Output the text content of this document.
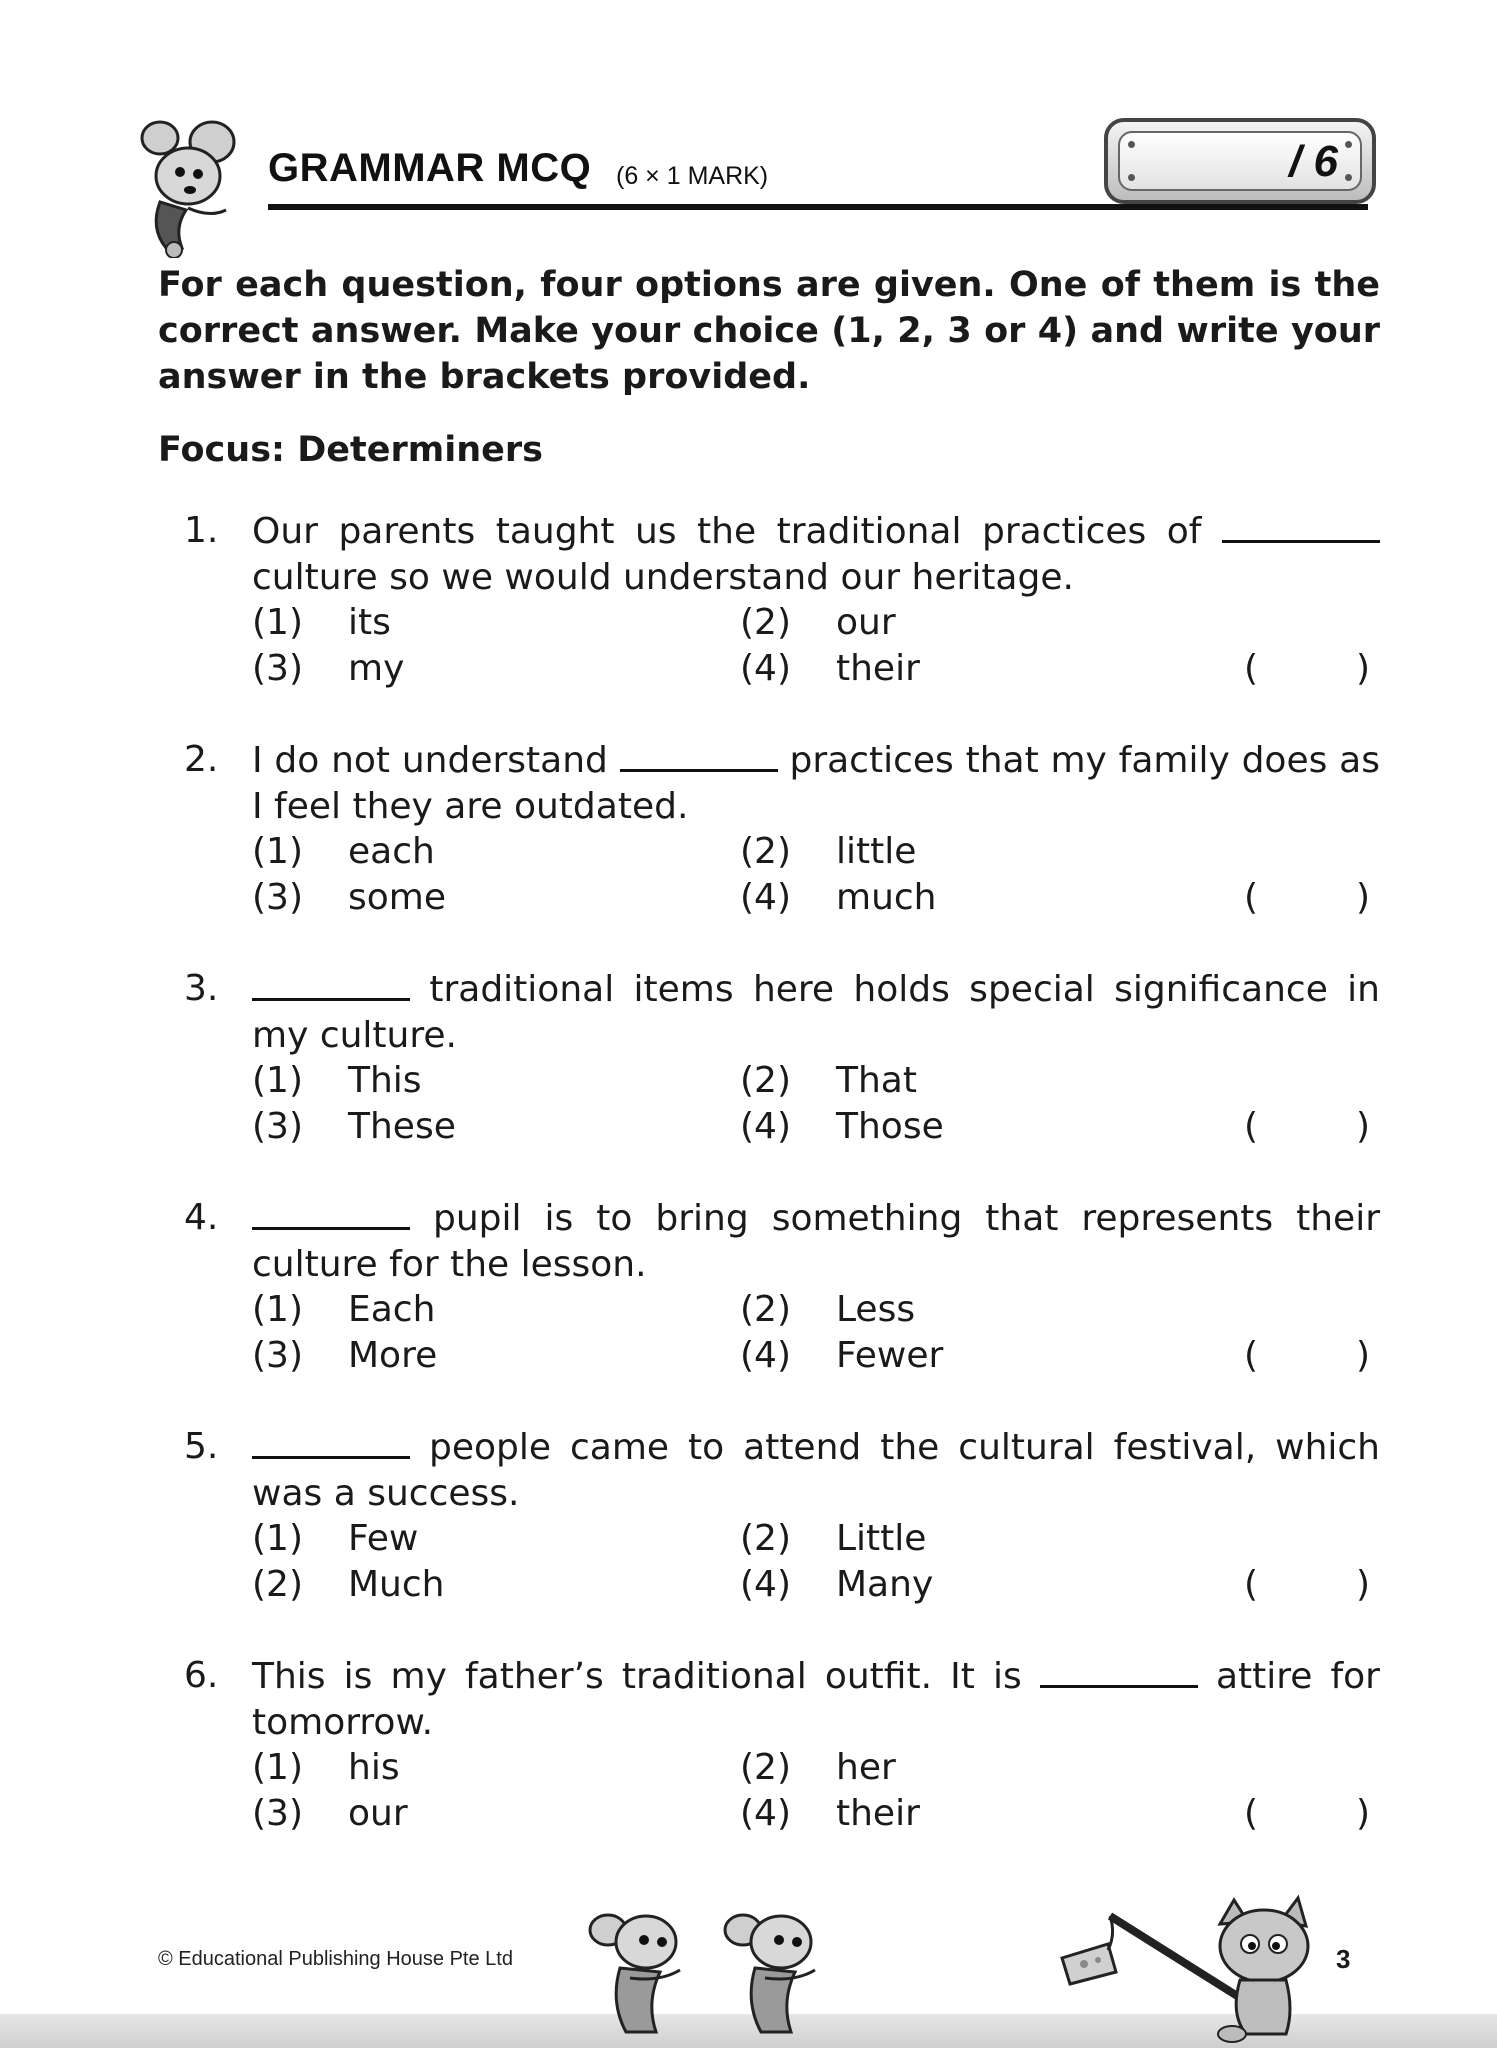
GRAMMAR MCQ (6 × 1 MARK)	/ 6
For each question, four options are given. One of them is the correct answer. Make your choice (1, 2, 3 or 4) and write your answer in the brackets provided.
Focus: Determiners
1. Our parents taught us the traditional practices of  culture so we would understand our heritage.
(1) its	(2) our
(3) my	(4) their	(	)
2. I do not understand	practices that my family does as I feel they are outdated.
(1) each	(2) little
(3) some	(4) much	(	)
3.	traditional items here holds special significance in my culture.
(1) This	(2) That
(3) These	(4) Those	(	)
4.	pupil is to bring something that represents their culture for the lesson.
(1) Each	(2) Less
(3) More	(4) Fewer	(	)
5.	people came to attend the cultural festival, which was a success.
(1) Few	(2) Little
(2) Much	(4) Many	(	)
6. This is my father’s traditional outfit. It is	attire for tomorrow.
(1) his	(2) her
(3) our	(4) their	(	)
© Educational Publishing House Pte Ltd	3
